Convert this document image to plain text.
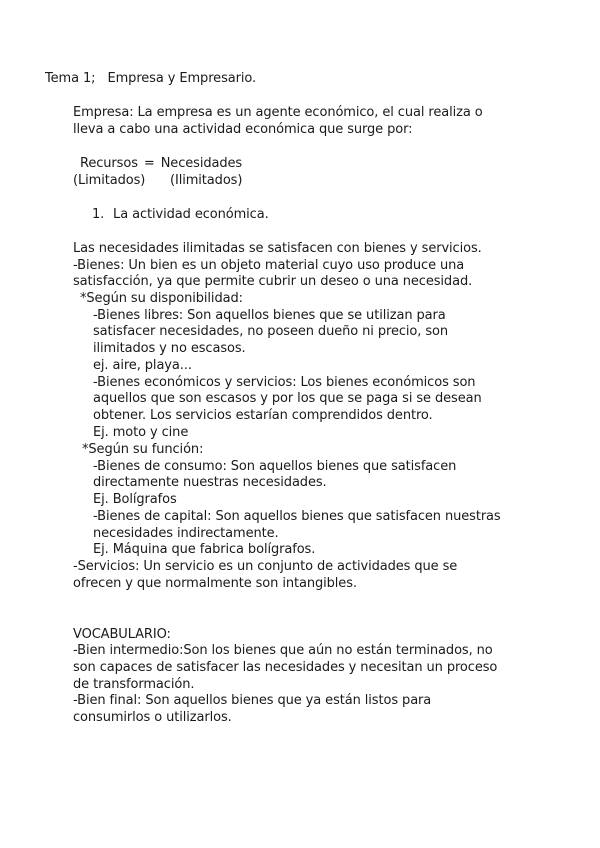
Tema 1; Empresa y Empresario.
Empresa: La empresa es un agente económico, el cual realiza o
lleva a cabo una actividad económica que surge por:
Recursos = Necesidades
(Limitados) (Ilimitados)
1. La actividad económica.
Las necesidades ilimitadas se satisfacen con bienes y servicios.
-Bienes: Un bien es un objeto material cuyo uso produce una
satisfacción, ya que permite cubrir un deseo o una necesidad.
*Según su disponibilidad:
-Bienes libres: Son aquellos bienes que se utilizan para
satisfacer necesidades, no poseen dueño ni precio, son
ilimitados y no escasos.
ej. aire, playa...
-Bienes económicos y servicios: Los bienes económicos son
aquellos que son escasos y por los que se paga si se desean
obtener. Los servicios estarían comprendidos dentro.
Ej. moto y cine
*Según su función:
-Bienes de consumo: Son aquellos bienes que satisfacen
directamente nuestras necesidades.
Ej. Bolígrafos
-Bienes de capital: Son aquellos bienes que satisfacen nuestras
necesidades indirectamente.
Ej. Máquina que fabrica bolígrafos.
-Servicios: Un servicio es un conjunto de actividades que se
ofrecen y que normalmente son intangibles.
VOCABULARIO:
-Bien intermedio:Son los bienes que aún no están terminados, no
son capaces de satisfacer las necesidades y necesitan un proceso
de transformación.
-Bien final: Son aquellos bienes que ya están listos para
consumirlos o utilizarlos.
